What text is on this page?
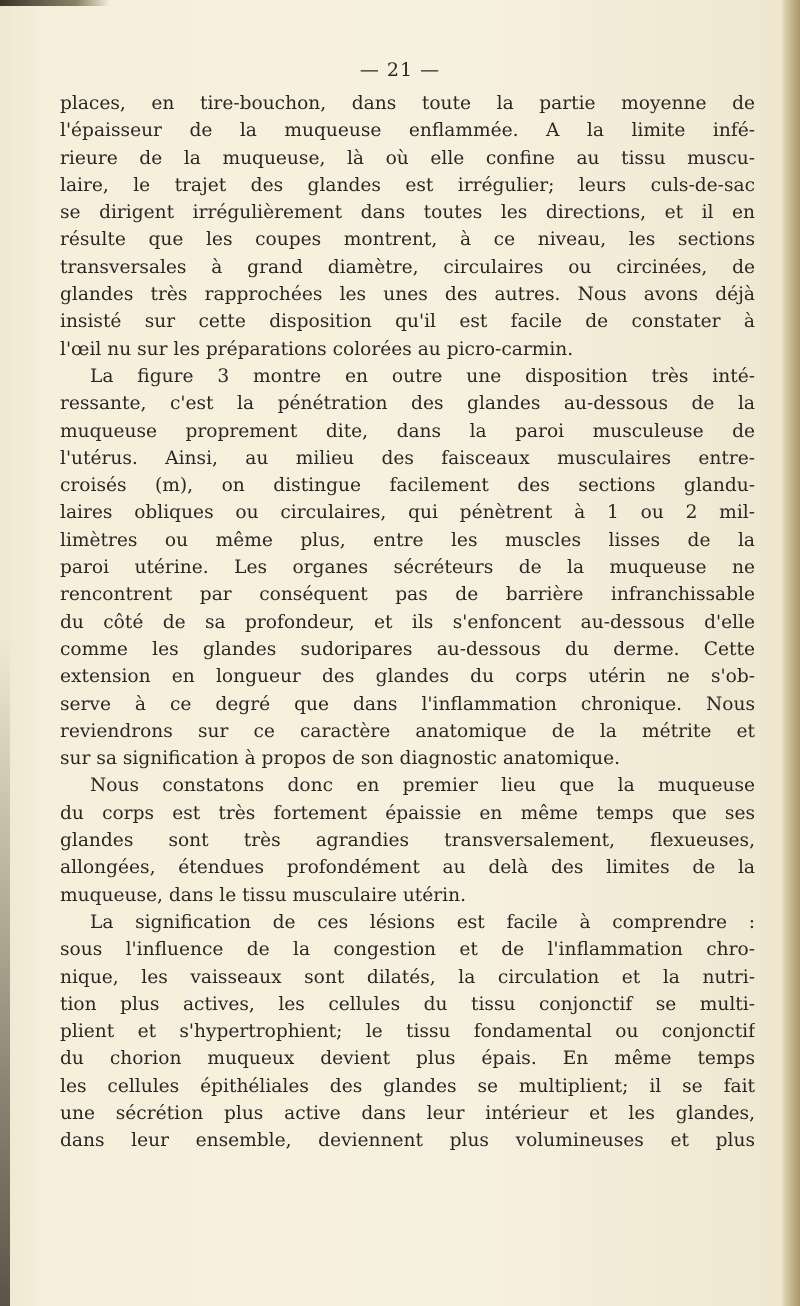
— 21 —
places, en tire-bouchon, dans toute la partie moyenne de
l'épaisseur de la muqueuse enflammée. A la limite infé-
rieure de la muqueuse, là où elle confine au tissu muscu-
laire, le trajet des glandes est irrégulier; leurs culs-de-sac
se dirigent irrégulièrement dans toutes les directions, et il en
résulte que les coupes montrent, à ce niveau, les sections
transversales à grand diamètre, circulaires ou circinées, de
glandes très rapprochées les unes des autres. Nous avons déjà
insisté sur cette disposition qu'il est facile de constater à
l'œil nu sur les préparations colorées au picro-carmin.
La figure 3 montre en outre une disposition très inté-
ressante, c'est la pénétration des glandes au-dessous de la
muqueuse proprement dite, dans la paroi musculeuse de
l'utérus. Ainsi, au milieu des faisceaux musculaires entre-
croisés (m), on distingue facilement des sections glandu-
laires obliques ou circulaires, qui pénètrent à 1 ou 2 mil-
limètres ou même plus, entre les muscles lisses de la
paroi utérine. Les organes sécréteurs de la muqueuse ne
rencontrent par conséquent pas de barrière infranchissable
du côté de sa profondeur, et ils s'enfoncent au-dessous d'elle
comme les glandes sudoripares au-dessous du derme. Cette
extension en longueur des glandes du corps utérin ne s'ob-
serve à ce degré que dans l'inflammation chronique. Nous
reviendrons sur ce caractère anatomique de la métrite et
sur sa signification à propos de son diagnostic anatomique.
Nous constatons donc en premier lieu que la muqueuse
du corps est très fortement épaissie en même temps que ses
glandes sont très agrandies transversalement, flexueuses,
allongées, étendues profondément au delà des limites de la
muqueuse, dans le tissu musculaire utérin.
La signification de ces lésions est facile à comprendre :
sous l'influence de la congestion et de l'inflammation chro-
nique, les vaisseaux sont dilatés, la circulation et la nutri-
tion plus actives, les cellules du tissu conjonctif se multi-
plient et s'hypertrophient; le tissu fondamental ou conjonctif
du chorion muqueux devient plus épais. En même temps
les cellules épithéliales des glandes se multiplient; il se fait
une sécrétion plus active dans leur intérieur et les glandes,
dans leur ensemble, deviennent plus volumineuses et plus
